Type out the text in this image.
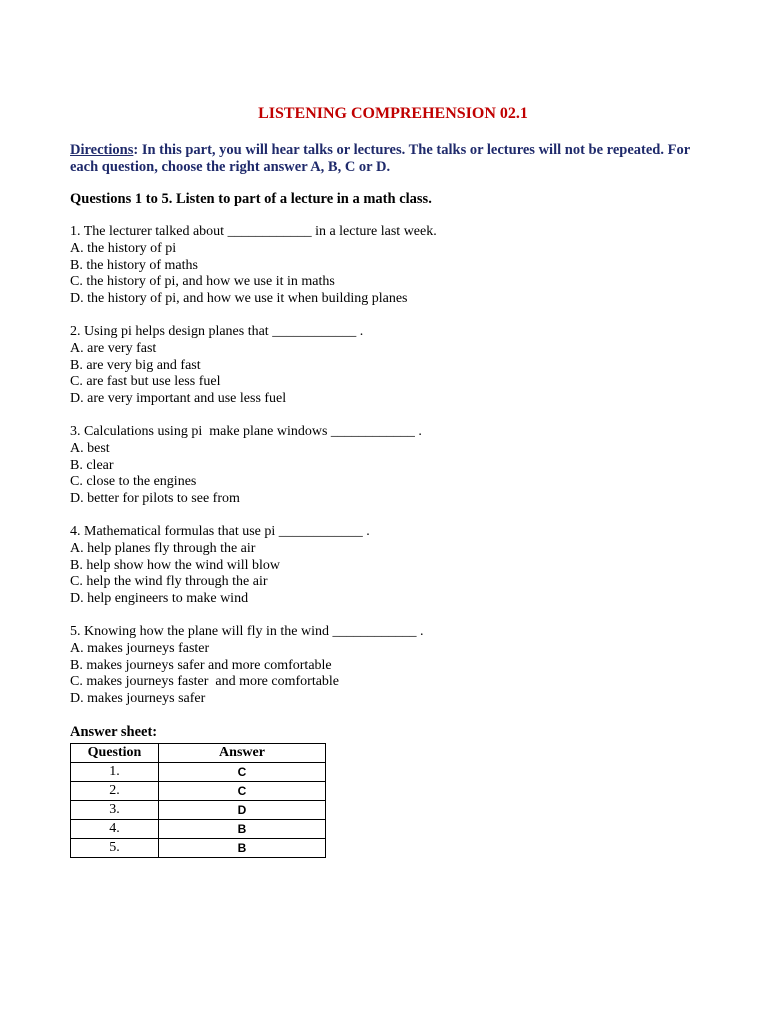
LISTENING COMPREHENSION 02.1
Directions: In this part, you will hear talks or lectures. The talks or lectures will not be repeated. For each question, choose the right answer A, B, C or D.
Questions 1 to 5. Listen to part of a lecture in a math class.
1. The lecturer talked about ____________ in a lecture last week.
A. the history of pi
B. the history of maths
C. the history of pi, and how we use it in maths
D. the history of pi, and how we use it when building planes
2. Using pi helps design planes that ____________ .
A. are very fast
B. are very big and fast
C. are fast but use less fuel
D. are very important and use less fuel
3. Calculations using pi  make plane windows ____________ .
A. best
B. clear
C. close to the engines
D. better for pilots to see from
4. Mathematical formulas that use pi ____________ .
A. help planes fly through the air
B. help show how the wind will blow
C. help the wind fly through the air
D. help engineers to make wind
5. Knowing how the plane will fly in the wind ____________ .
A. makes journeys faster
B. makes journeys safer and more comfortable
C. makes journeys faster  and more comfortable
D. makes journeys safer
Answer sheet:
Question	Answer
1.	C
2.	C
3.	D
4.	B
5.	B
